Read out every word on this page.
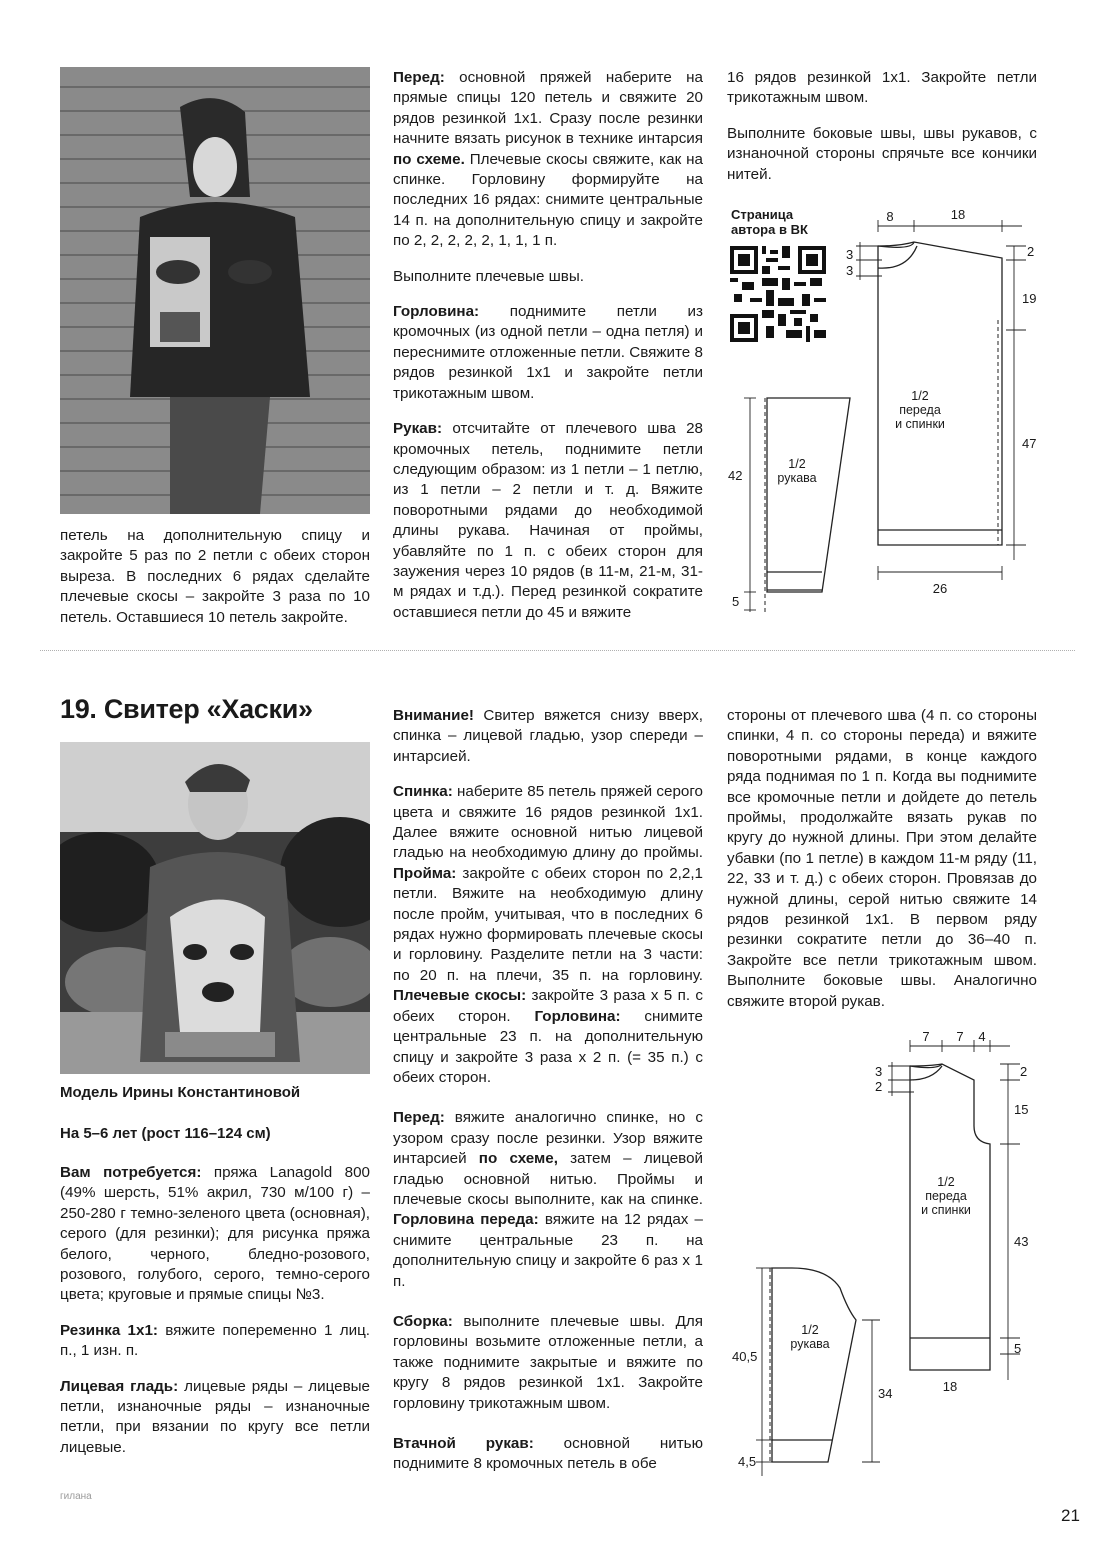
петель на дополнительную спицу и закройте 5 раз по 2 петли с обеих сторон выреза. В последних 6 рядах сделайте плечевые скосы – закройте 3 раза по 10 петель. Оставшиеся 10 петель закройте.

Перед: основной пряжей наберите на прямые спицы 120 петель и свяжите 20 рядов резинкой 1х1. Сразу после резинки начните вязать рисунок в технике интарсия по схеме. Плечевые скосы свяжите, как на спинке. Горловину формируйте на последних 16 рядах: снимите центральные 14 п. на дополнительную спицу и закройте по 2, 2, 2, 2, 2, 1, 1, 1 п.

Выполните плечевые швы.

Горловина: поднимите петли из кромочных (из одной петли – одна петля) и переснимите отложенные петли. Свяжите 8 рядов резинкой 1х1 и закройте петли трикотажным швом.

Рукав: отсчитайте от плечевого шва 28 кромочных петель, поднимите петли следующим образом: из 1 петли – 1 петлю, из 1 петли – 2 петли и т. д. Вяжите поворотными рядами до необходимой длины рукава. Начиная от проймы, убавляйте по 1 п. с обеих сторон для заужения через 10 рядов (в 11-м, 21-м, 31-м рядах и т.д.). Перед резинкой сократите оставшиеся петли до 45 и вяжите

16 рядов резинкой 1х1. Закройте петли трикотажным швом.

Выполните боковые швы, швы рукавов, с изнаночной стороны спрячьте все кончики нитей.

Страница
автора в ВК
8	18
3
3
2
19
47
26
42
5
1/2
переда
и спинки
1/2
рукава
19. Свитер «Хаски»
Модель Ирины Константиновой
На 5–6 лет (рост 116–124 см)

Вам потребуется: пряжа Lanagold 800 (49% шерсть, 51% акрил, 730 м/100 г) –250-280 г темно-зеленого цвета (основная), серого (для резинки); для рисунка пряжа белого, черного, бледно-розового, розового, голубого, серого, темно-серого цвета; круговые и прямые спицы №3.

Резинка 1х1: вяжите попеременно 1 лиц. п., 1 изн. п.

Лицевая гладь: лицевые ряды – лицевые петли, изнаночные ряды – изнаночные петли, при вязании по кругу все петли лицевые.

Внимание! Свитер вяжется снизу вверх, спинка – лицевой гладью, узор спереди – интарсией.

Спинка: наберите 85 петель пряжей серого цвета и свяжите 16 рядов резинкой 1х1. Далее вяжите основной нитью лицевой гладью на необходимую длину до проймы. Пройма: закройте с обеих сторон по 2,2,1 петли. Вяжите на необходимую длину после пройм, учитывая, что в последних 6 рядах нужно формировать плечевые скосы и горловину. Разделите петли на 3 части: по 20 п. на плечи, 35 п. на горловину. Плечевые скосы: закройте 3 раза х 5 п. с обеих сторон. Горловина: снимите центральные 23 п. на дополнительную спицу и закройте 3 раза х 2 п. (= 35 п.) с обеих сторон.

Перед: вяжите аналогично спинке, но с узором сразу после резинки. Узор вяжите интарсией по схеме, затем – лицевой гладью основной нитью. Проймы и плечевые скосы выполните, как на спинке. Горловина переда: вяжите на 12 рядах – снимите центральные 23 п. на дополнительную спицу и закройте 6 раз х 1 п.

Сборка: выполните плечевые швы. Для горловины возьмите отложенные петли, а также поднимите закрытые и вяжите по кругу 8 рядов резинкой 1х1. Закройте горловину трикотажным швом.

Втачной рукав: основной нитью поднимите 8 кромочных петель в обе

стороны от плечевого шва (4 п. со стороны спинки, 4 п. со стороны переда) и вяжите поворотными рядами, в конце каждого ряда поднимая по 1 п. Когда вы поднимите все кромочные петли и дойдете до петель проймы, продолжайте вязать рукав по кругу до нужной длины. При этом делайте убавки (по 1 петле) в каждом 11-м ряду (11, 22, 33 и т. д.) с обеих сторон. Провязав до нужной длины, серой нитью свяжите 14 рядов резинкой 1х1. В первом ряду резинки сократите петли до 36–40 п. Закройте все петли трикотажным швом. Выполните боковые швы. Аналогично свяжите второй рукав.
7 7 4
3
2
2
15
43
5
18
40,5
34
4,5
1/2
переда
и спинки
1/2
рукава
гилана
21
